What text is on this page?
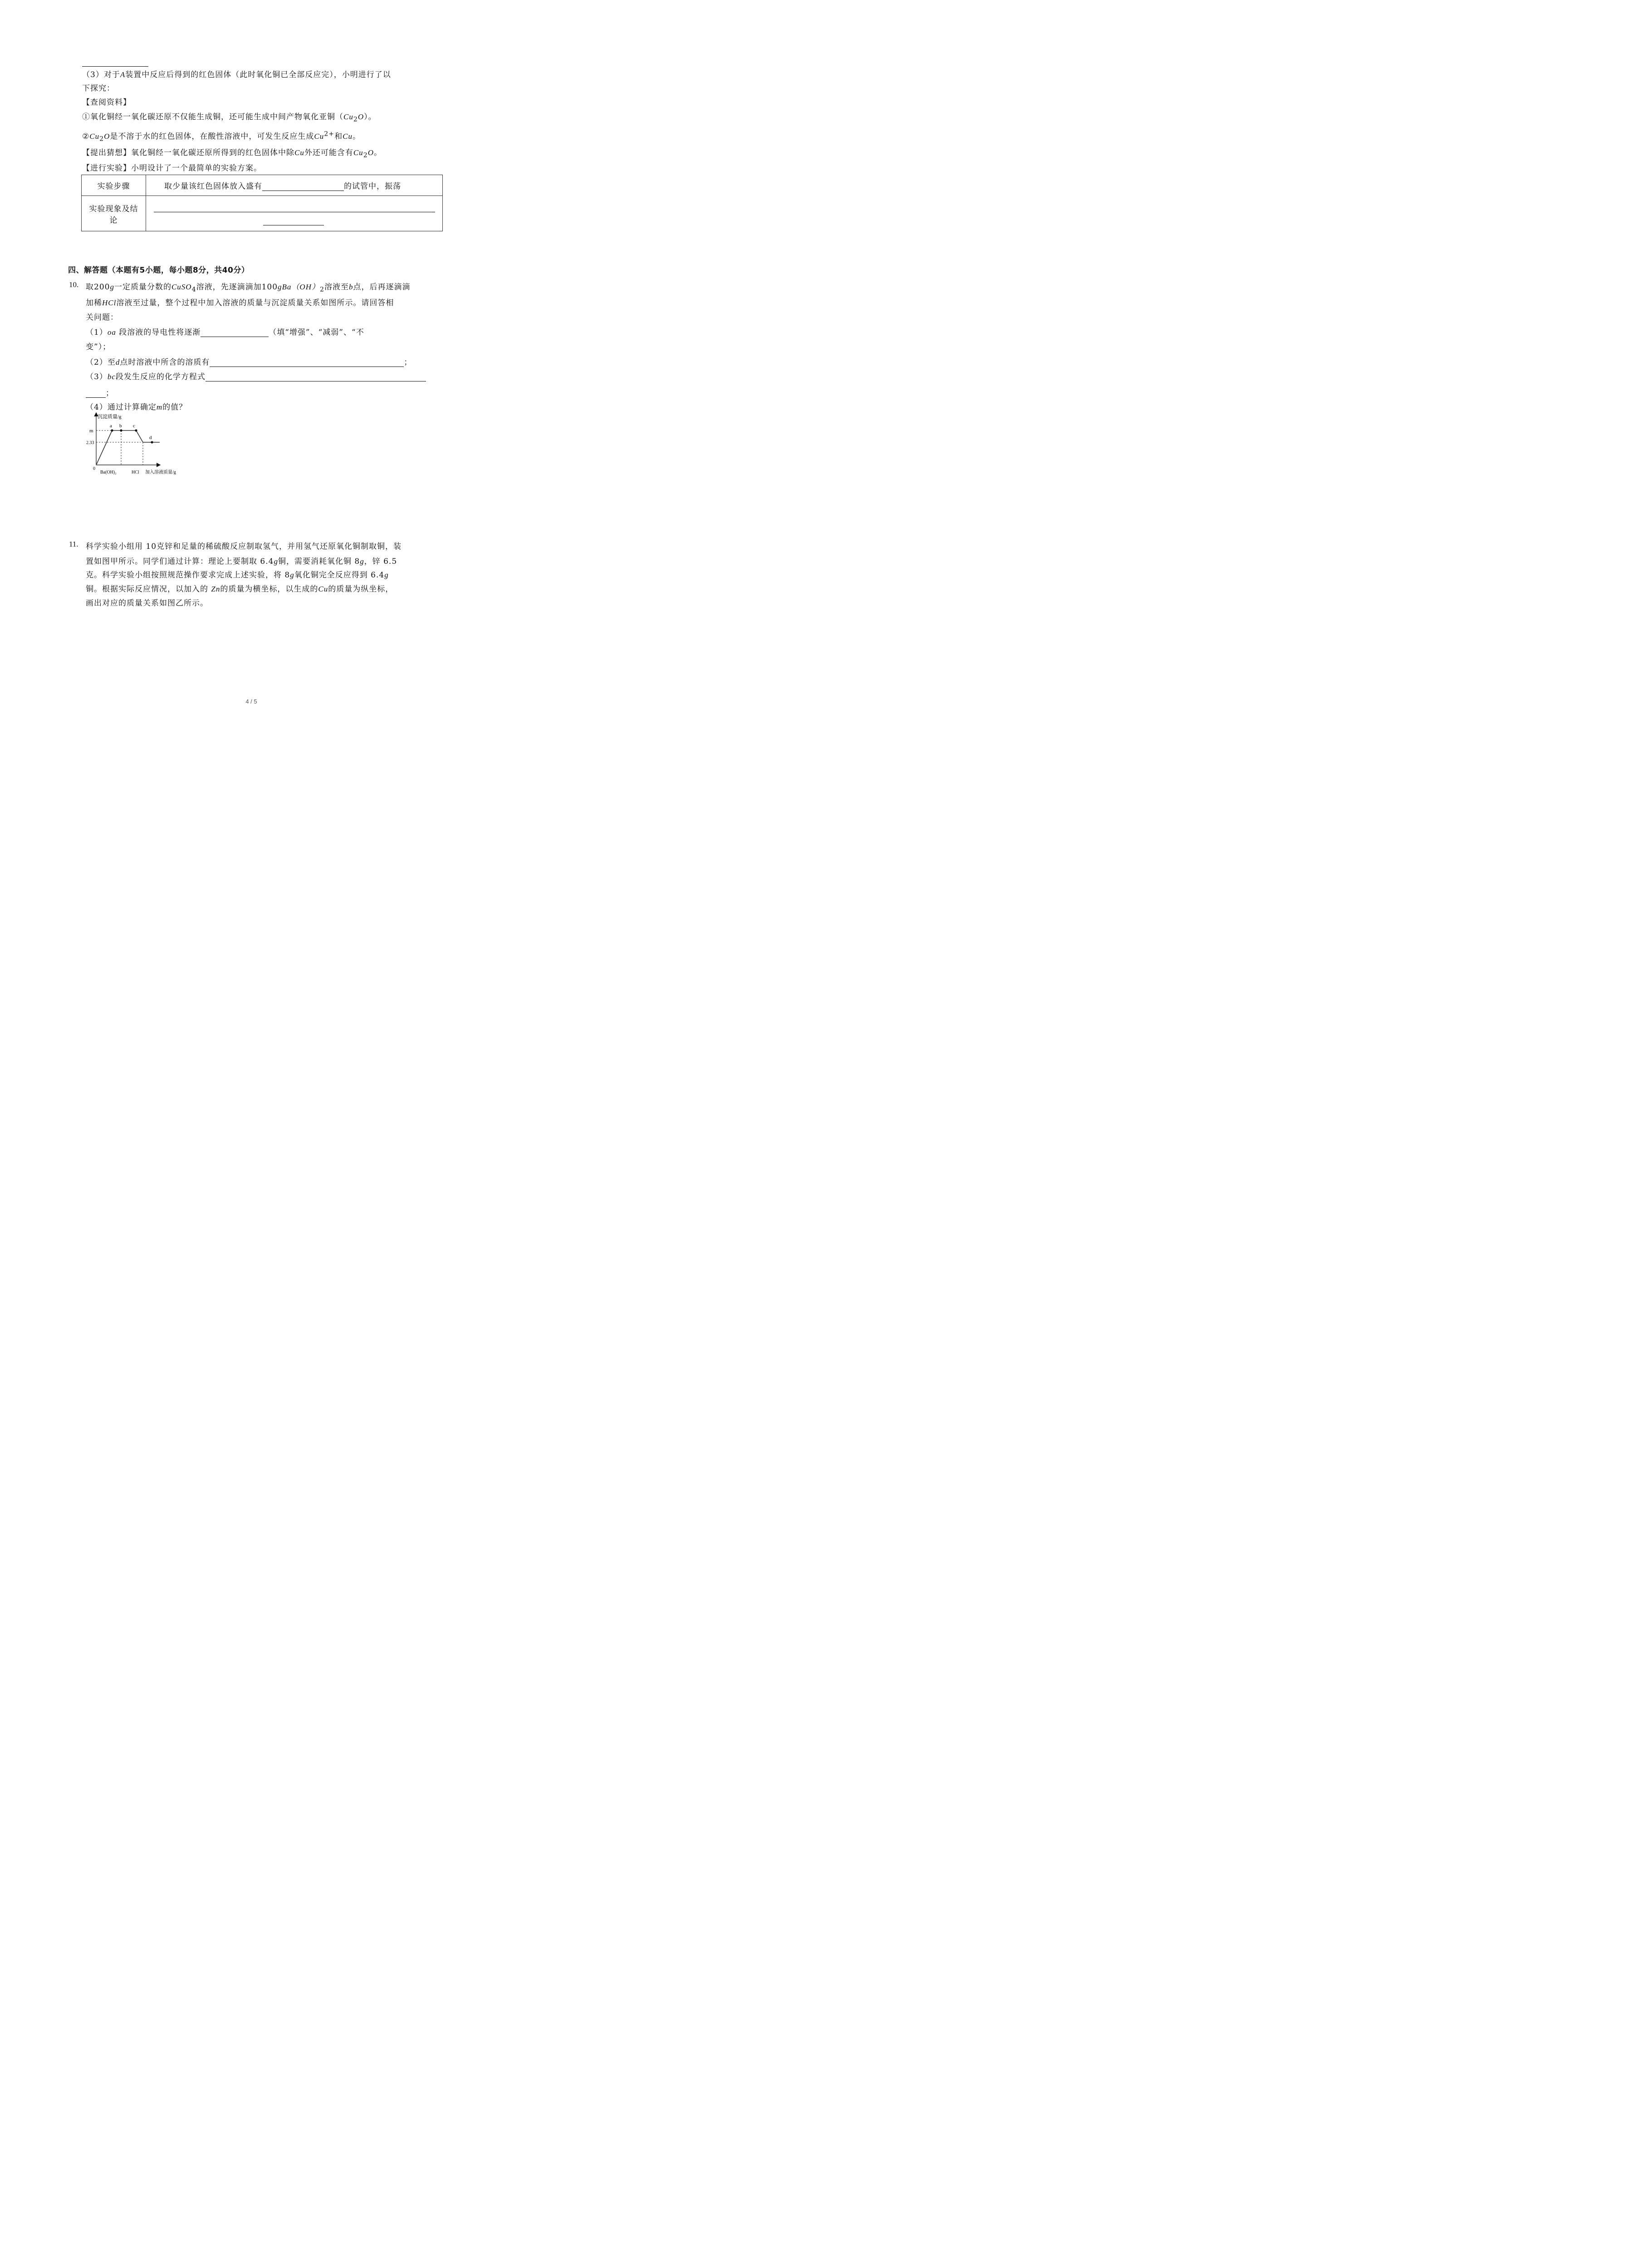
（3）对于A装置中反应后得到的红色固体（此时氧化铜已全部反应完），小明进行了以
下探究：
【查阅资料】
①氧化铜经一氧化碳还原不仅能生成铜，还可能生成中间产物氧化亚铜$(Cu_2O)$。
$②Cu_2O$是不溶于水的红色固体，在酸性溶液中，可发生反应生成$Cu^{2+}$和Cu。
【提出猜想】氧化铜经一氧化碳还原所得到的红色固体中除Cu外还可能含有$Cu_2O$。
【进行实验】小明设计了一个最简单的实验方案。
实验步骤	取少量该红色固体放入盛有 的试管中，振荡

实验现象及结
论	

四、解答题（本题有5小题，每小题8分，共40分）
10. 取200g一定质量分数的CuSO$_4$溶液，先逐滴滴加$100gBa(OH)_2$溶液至b点，后再逐滴滴
加稀HCl溶液至过量，整个过程中加入溶液的质量与沉淀质量关系如图所示。请回答相
关问题：
（1）oa 段溶液的导电性将逐渐	（填“增强”、“减弱”、“不
变”）；
（2）至d点时溶液中所含的溶质有	；
（3）bc段发生反应的化学方程式
；
（4）通过计算确定m的值？
沉淀质量/g
m
2.33
0
a b c
d
Ba(OH)₂	HCl 加入溶液质量/g
11. 科学实验小组用 10克锌和足量的稀硫酸反应制取氢气，并用氢气还原氧化铜制取铜，装
置如图甲所示。同学们通过计算：理论上要制取 6.4g铜，需要消耗氧化铜 8g，锌 6.5
克。科学实验小组按照规范操作要求完成上述实验，将 8g氧化铜完全反应得到 6.4g
铜。根据实际反应情况，以加入的 Zn的质量为横坐标，以生成的Cu的质量为纵坐标，
画出对应的质量关系如图乙所示。
4 / 5
